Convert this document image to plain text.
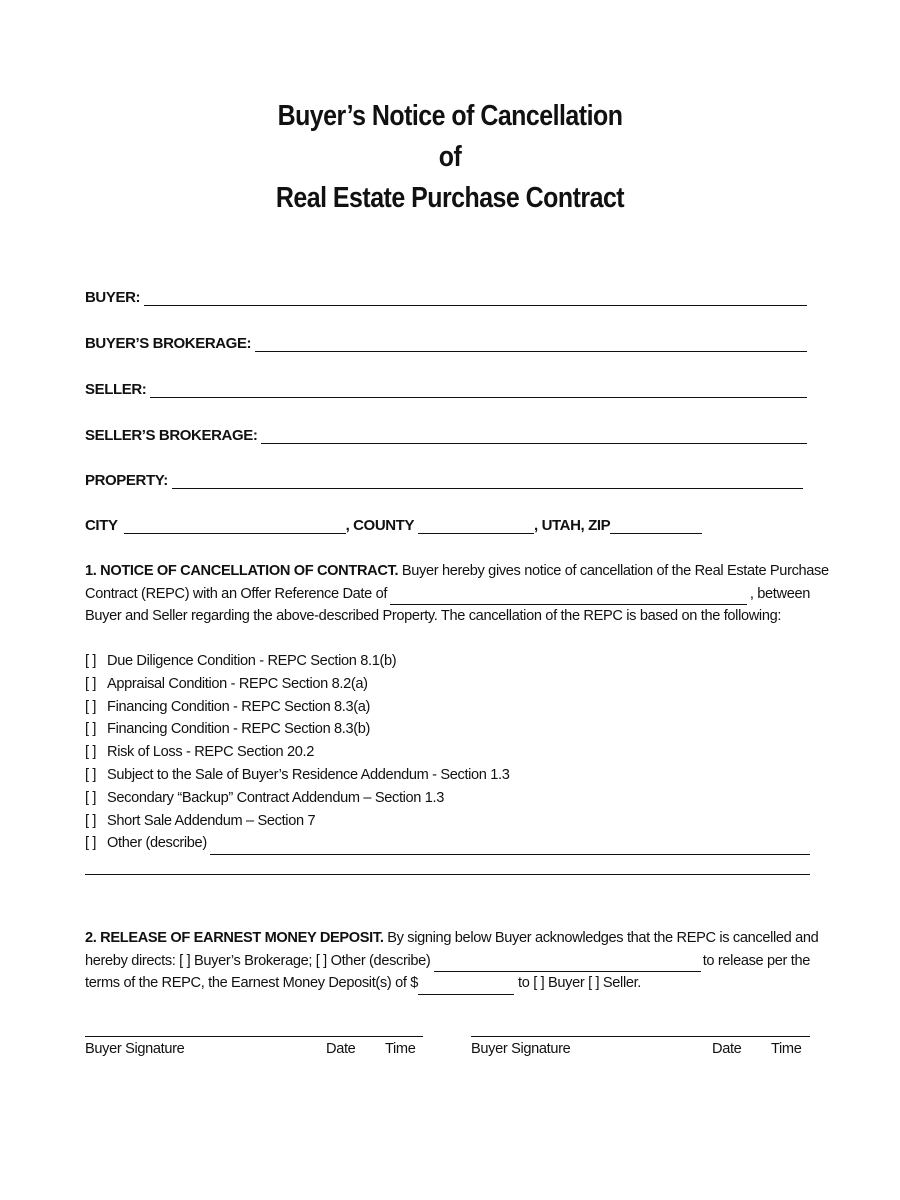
Buyer’s Notice of Cancellation
of
Real Estate Purchase Contract
BUYER:
BUYER’S BROKERAGE:
SELLER:
SELLER’S BROKERAGE:
PROPERTY:
CITY	, COUNTY	, UTAH, ZIP
1. NOTICE OF CANCELLATION OF CONTRACT. Buyer hereby gives notice of cancellation of the Real Estate Purchase
Contract (REPC) with an Offer Reference Date of	, between
Buyer and Seller regarding the above-described Property. The cancellation of the REPC is based on the following:
[ ] Due Diligence Condition - REPC Section 8.1(b)
[ ] Appraisal Condition - REPC Section 8.2(a)
[ ] Financing Condition - REPC Section 8.3(a)
[ ] Financing Condition - REPC Section 8.3(b)
[ ] Risk of Loss - REPC Section 20.2
[ ] Subject to the Sale of Buyer’s Residence Addendum - Section 1.3
[ ] Secondary “Backup” Contract Addendum – Section 1.3
[ ] Short Sale Addendum – Section 7
[ ] Other (describe)
2. RELEASE OF EARNEST MONEY DEPOSIT. By signing below Buyer acknowledges that the REPC is cancelled and
hereby directs: [ ] Buyer’s Brokerage; [ ] Other (describe)	to release per the
terms of the REPC, the Earnest Money Deposit(s) of $	to [ ] Buyer [ ] Seller.
Buyer Signature	Date Time	Buyer Signature	Date Time
